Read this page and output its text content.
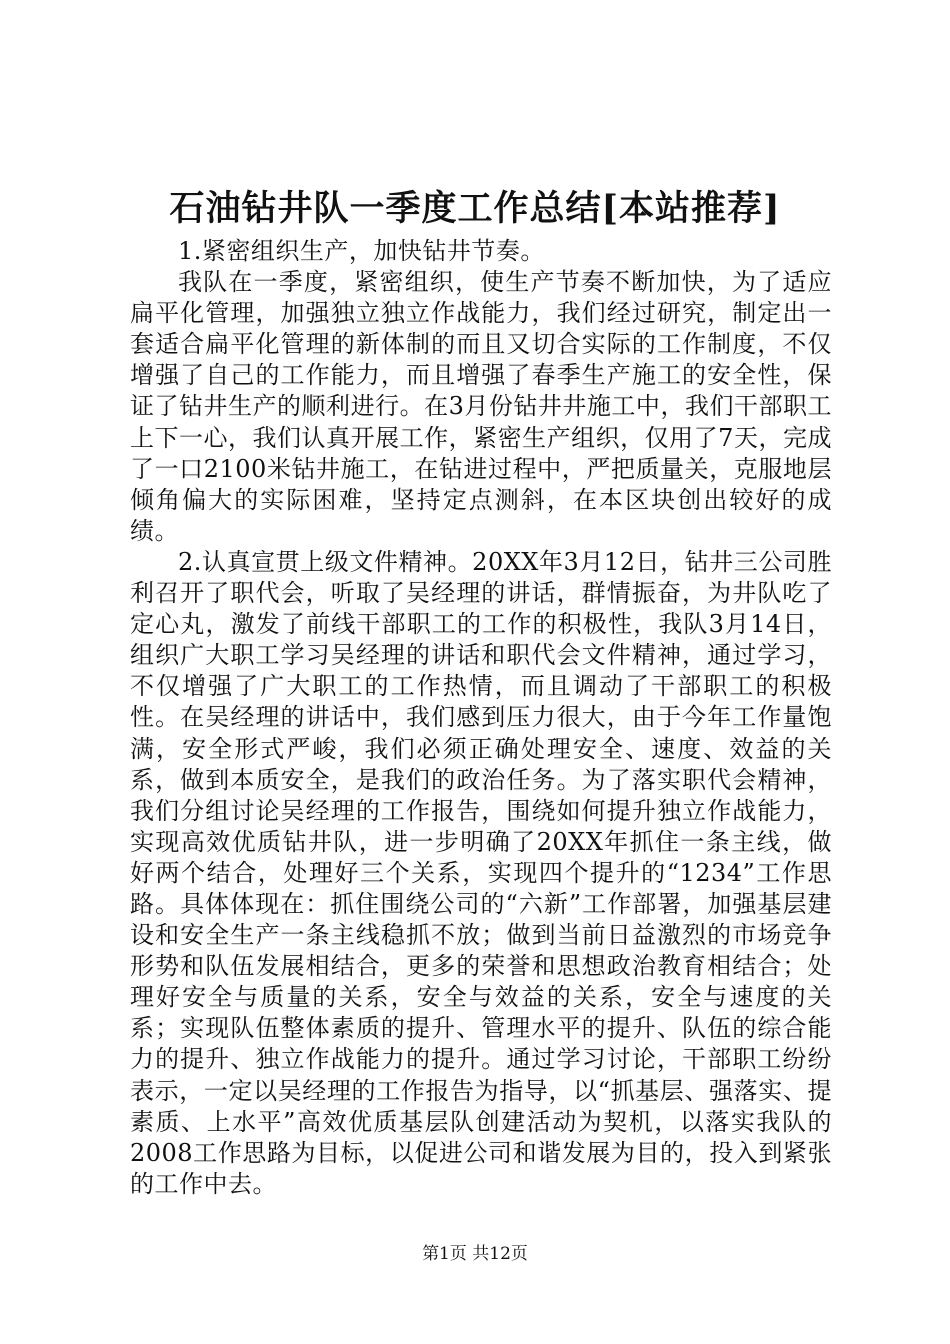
石油钻井队一季度工作总结[本站推荐]

1.紧密组织生产，加快钻井节奏。

我队在一季度，紧密组织，使生产节奏不断加快，为了适应扁平化管理，加强独立独立作战能力，我们经过研究，制定出一套适合扁平化管理的新体制的而且又切合实际的工作制度，不仅增强了自己的工作能力，而且增强了春季生产施工的安全性，保证了钻井生产的顺利进行。在3月份钻井井施工中，我们干部职工上下一心，我们认真开展工作，紧密生产组织，仅用了7天，完成了一口2100米钻井施工，在钻进过程中，严把质量关，克服地层倾角偏大的实际困难，坚持定点测斜，在本区块创出较好的成绩。

2.认真宣贯上级文件精神。20XX年3月12日，钻井三公司胜利召开了职代会，听取了吴经理的讲话，群情振奋，为井队吃了定心丸，激发了前线干部职工的工作的积极性，我队3月14日，组织广大职工学习吴经理的讲话和职代会文件精神，通过学习，不仅增强了广大职工的工作热情，而且调动了干部职工的积极性。在吴经理的讲话中，我们感到压力很大，由于今年工作量饱满，安全形式严峻，我们必须正确处理安全、速度、效益的关系，做到本质安全，是我们的政治任务。为了落实职代会精神，我们分组讨论吴经理的工作报告，围绕如何提升独立作战能力，实现高效优质钻井队，进一步明确了20XX年抓住一条主线，做好两个结合，处理好三个关系，实现四个提升的“1234”工作思路。具体体现在：抓住围绕公司的“六新”工作部署，加强基层建设和安全生产一条主线稳抓不放；做到当前日益激烈的市场竞争形势和队伍发展相结合，更多的荣誉和思想政治教育相结合；处理好安全与质量的关系，安全与效益的关系，安全与速度的关系；实现队伍整体素质的提升、管理水平的提升、队伍的综合能力的提升、独立作战能力的提升。通过学习讨论，干部职工纷纷表示，一定以吴经理的工作报告为指导，以“抓基层、强落实、提素质、上水平”高效优质基层队创建活动为契机，以落实我队的2008工作思路为目标，以促进公司和谐发展为目的，投入到紧张的工作中去。

第1页 共12页
